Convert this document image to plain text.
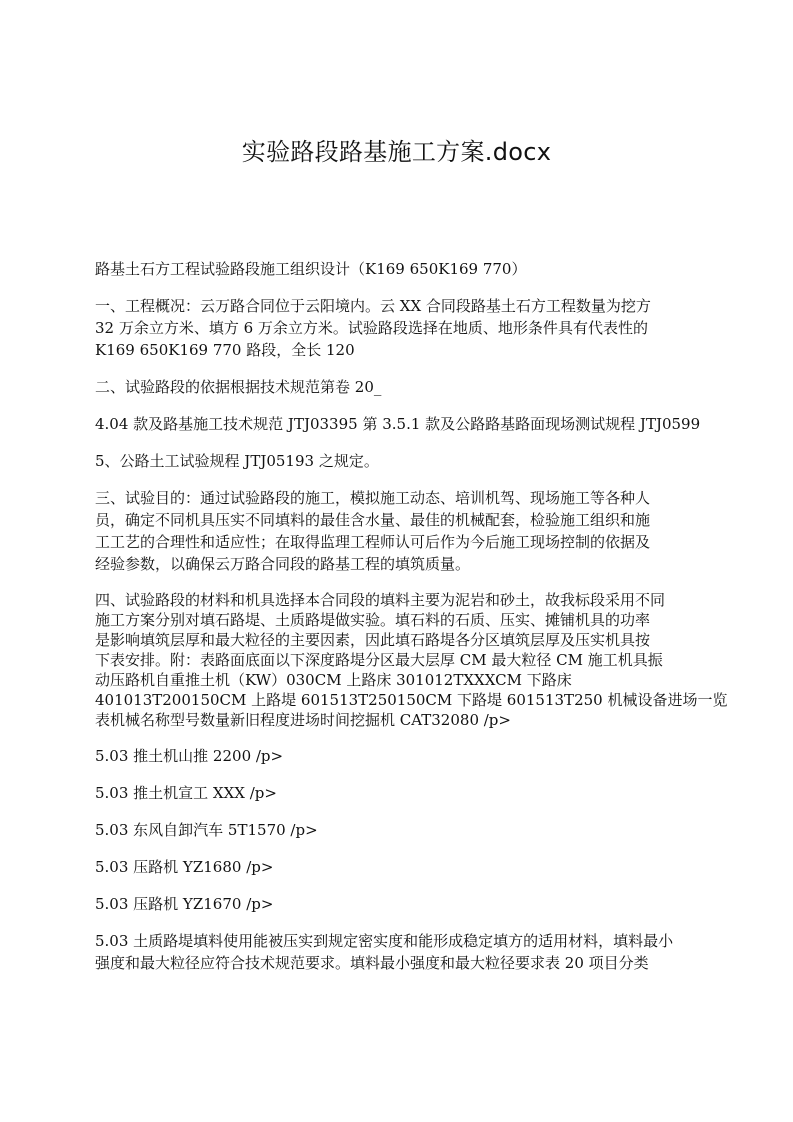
实验路段路基施工方案.docx

路基土石方工程试验路段施工组织设计（K169 650K169 770）

一、工程概况：云万路合同位于云阳境内。云 XX 合同段路基土石方工程数量为挖方
32 万余立方米、填方 6 万余立方米。试验路段选择在地质、地形条件具有代表性的
K169 650K169 770 路段，全长 120

二、试验路段的依据根据技术规范第卷 20_

4.04 款及路基施工技术规范 JTJ03395 第 3.5.1 款及公路路基路面现场测试规程 JTJ0599

5、公路土工试验规程 JTJ05193 之规定。

三、试验目的：通过试验路段的施工，模拟施工动态、培训机驾、现场施工等各种人
员，确定不同机具压实不同填料的最佳含水量、最佳的机械配套，检验施工组织和施
工工艺的合理性和适应性；在取得监理工程师认可后作为今后施工现场控制的依据及
经验参数，以确保云万路合同段的路基工程的填筑质量。

四、试验路段的材料和机具选择本合同段的填料主要为泥岩和砂土，故我标段采用不同
施工方案分别对填石路堤、土质路堤做实验。填石料的石质、压实、摊铺机具的功率
是影响填筑层厚和最大粒径的主要因素，因此填石路堤各分区填筑层厚及压实机具按
下表安排。附：表路面底面以下深度路堤分区最大层厚 CM 最大粒径 CM 施工机具振
动压路机自重推土机（KW）030CM 上路床 301012TXXXCM 下路床
401013T200150CM 上路堤 601513T250150CM 下路堤 601513T250 机械设备进场一览
表机械名称型号数量新旧程度进场时间挖掘机 CAT32080 /p>

5.03 推土机山推 2200 /p>

5.03 推土机宣工 XXX /p>

5.03 东风自卸汽车 5T1570 /p>

5.03 压路机 YZ1680 /p>

5.03 压路机 YZ1670 /p>

5.03 土质路堤填料使用能被压实到规定密实度和能形成稳定填方的适用材料，填料最小
强度和最大粒径应符合技术规范要求。填料最小强度和最大粒径要求表 20 项目分类
